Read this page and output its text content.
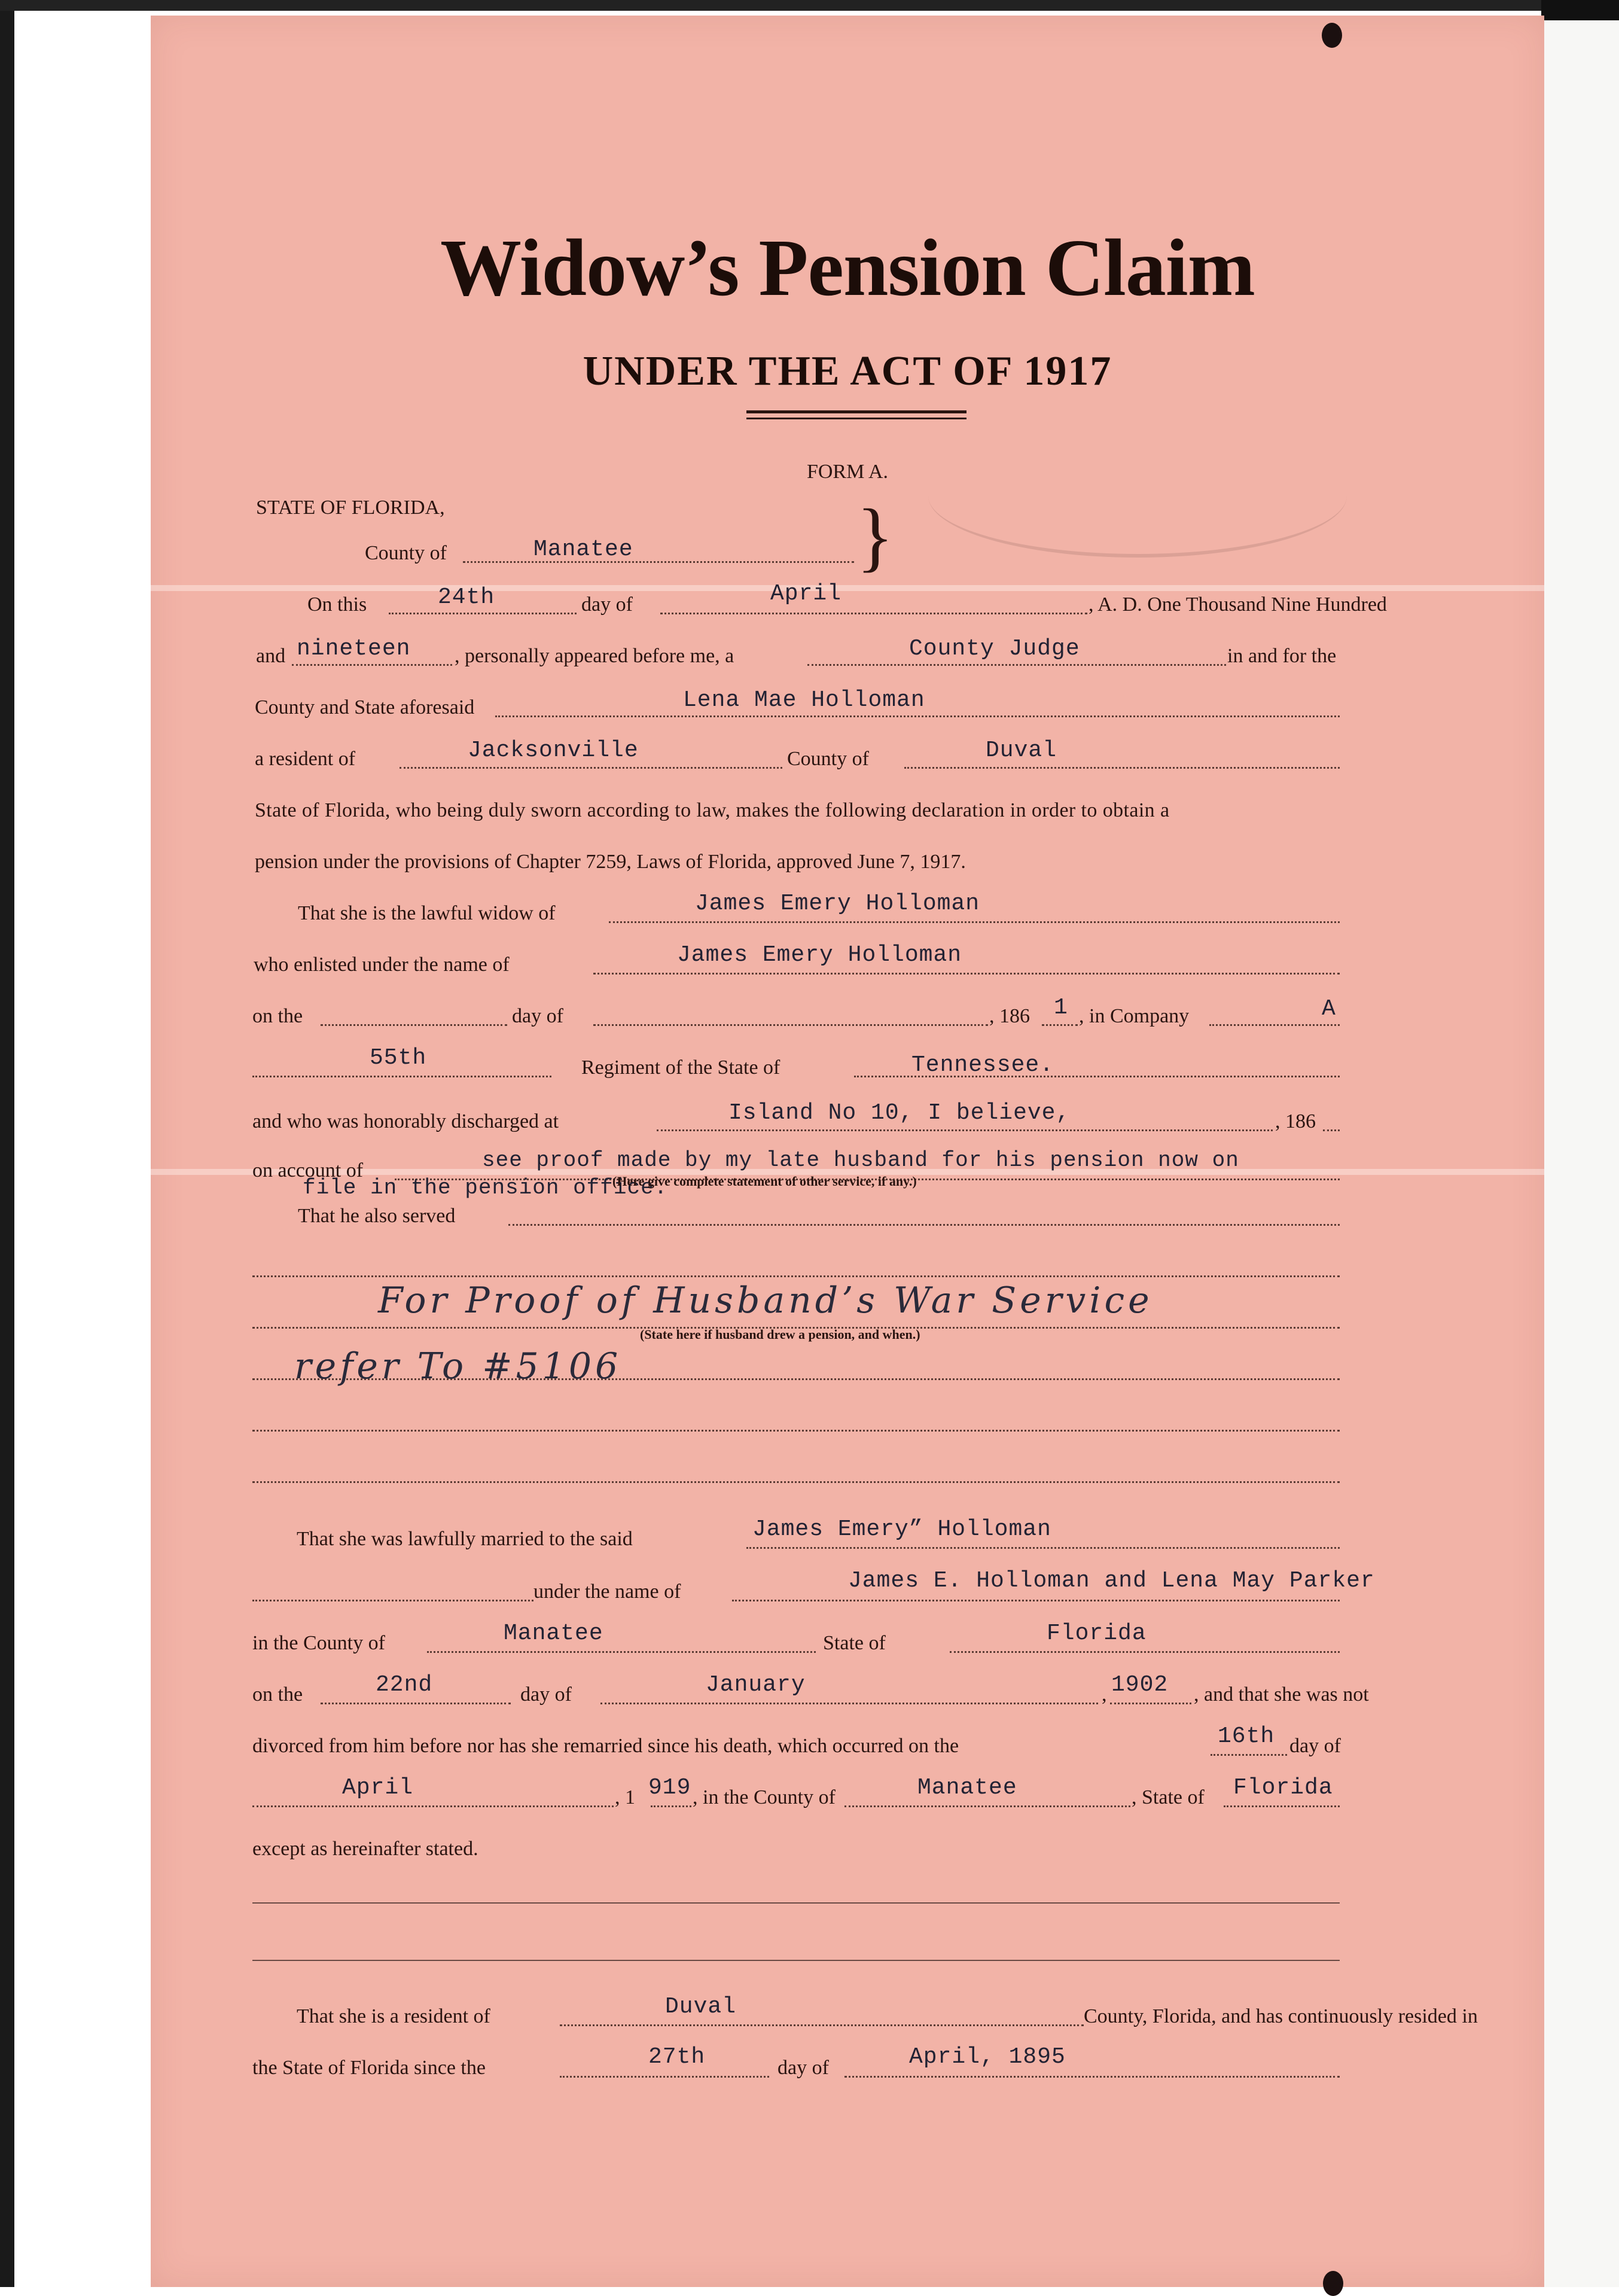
Widow’s Pension Claim
UNDER THE ACT OF 1917
FORM A.
STATE OF FLORIDA,	}
County of	Manatee
On this	24th	day of	April	, A. D. One Thousand Nine Hundred
and nineteen , personally appeared before me, a	County Judge	in and for the
County and State aforesaid	Lena Mae Holloman
a resident of	Jacksonville	County of	Duval
State of Florida, who being duly sworn according to law, makes the following declaration in order to obtain a
pension under the provisions of Chapter 7259, Laws of Florida, approved June 7, 1917.
That she is the lawful widow of	James Emery Holloman
who enlisted under the name of	James Emery Holloman
on the	day of	, 186 1 , in Company	A
55th	Regiment of the State of	Tennessee.
and who was honorably discharged at	Island No 10, I believe,	, 186
on account of	see proof made by my late husband for his pension now on
file in the pension office.
(Here give complete statement of other service, if any.)
That he also served
For Proof of Husband’s War Service
(State here if husband drew a pension, and when.)
refer To #5106
That she was lawfully married to the said	James Emery” Holloman
under the name of	James E. Holloman and Lena May Parker
in the County of	Manatee	State of	Florida
on the	22nd	day of	January	, 1902 , and that she was not
divorced from him before nor has she remarried since his death, which occurred on the	16th day of
April	, 1 919 , in the County of	Manatee	, State of Florida
except as hereinafter stated.
That she is a resident of	Duval	County, Florida, and has continuously resided in
the State of Florida since the	27th	day of	April, 1895
